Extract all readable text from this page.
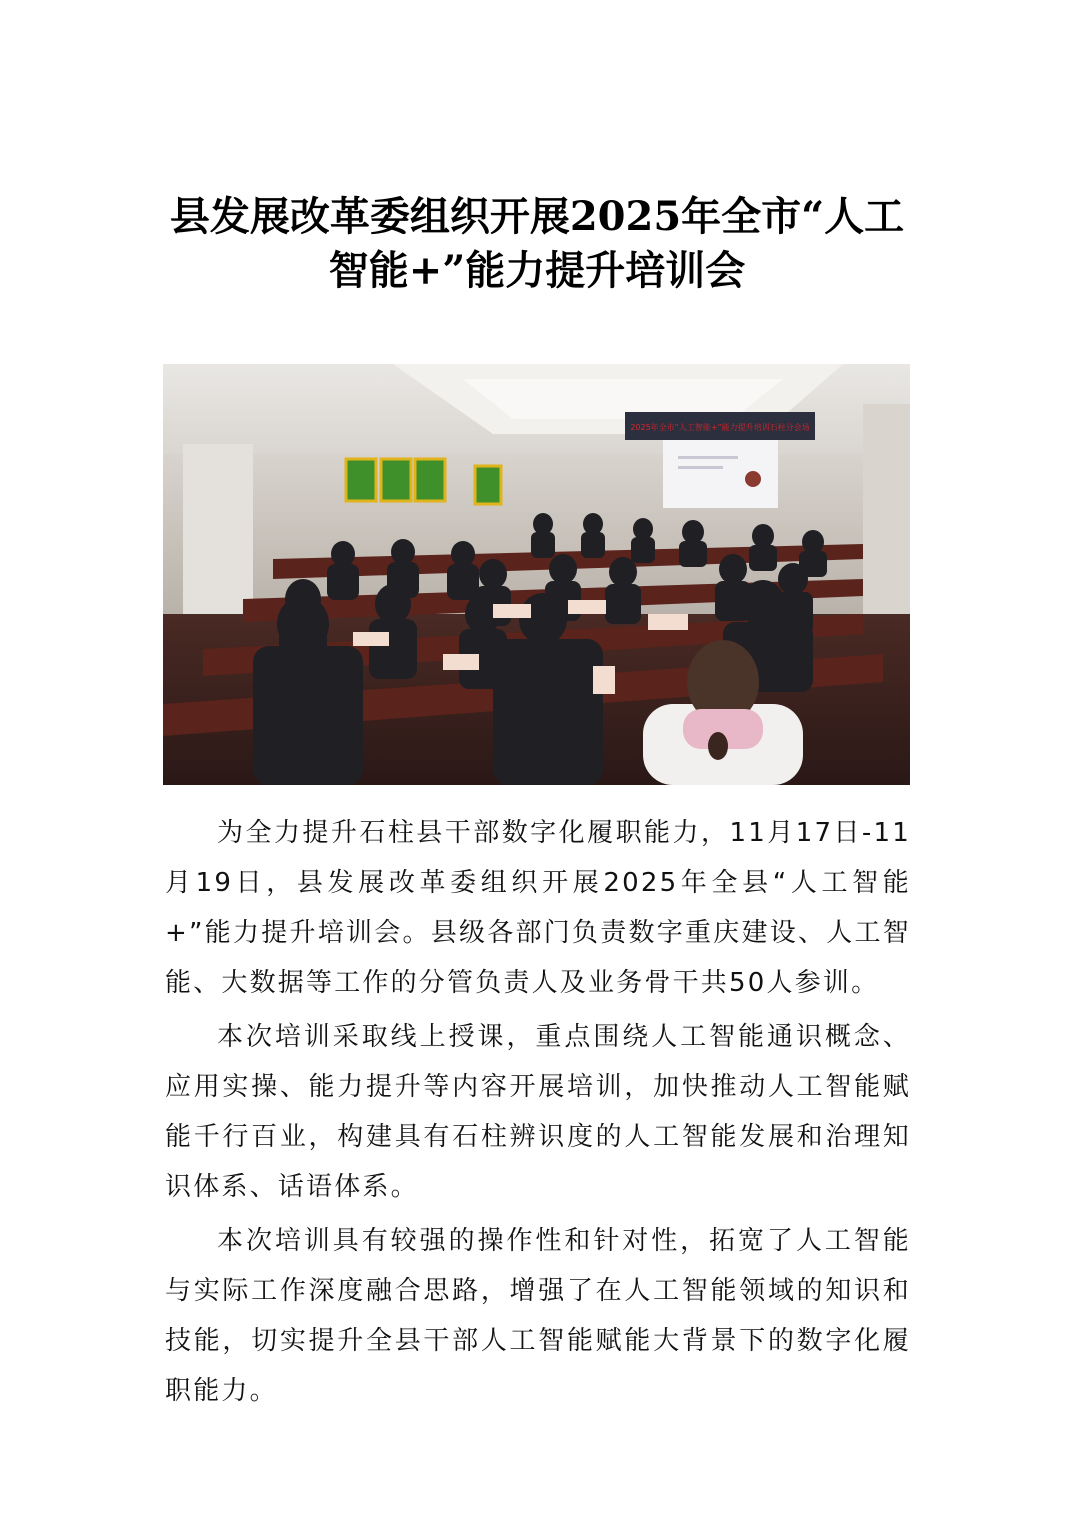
县发展改革委组织开展2025年全市“人工
智能+”能力提升培训会
2025年全市“人工智能+”能力提升培训石柱分会场

为全力提升石柱县干部数字化履职能力，11月17日-11月19日，县发展改革委组织开展2025年全县“人工智能+”能力提升培训会。县级各部门负责数字重庆建设、人工智能、大数据等工作的分管负责人及业务骨干共50人参训。

本次培训采取线上授课，重点围绕人工智能通识概念、应用实操、能力提升等内容开展培训，加快推动人工智能赋能千行百业，构建具有石柱辨识度的人工智能发展和治理知识体系、话语体系。

本次培训具有较强的操作性和针对性，拓宽了人工智能与实际工作深度融合思路，增强了在人工智能领域的知识和技能，切实提升全县干部人工智能赋能大背景下的数字化履职能力。
